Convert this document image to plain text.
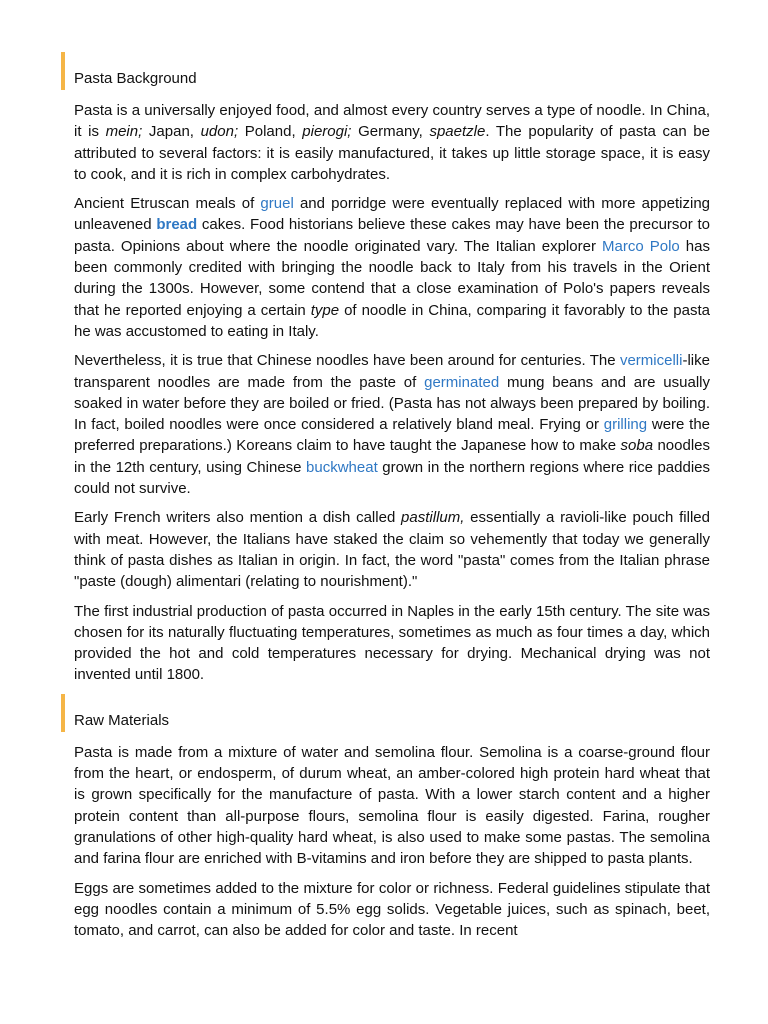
Pasta Background

Pasta is a universally enjoyed food, and almost every country serves a type of noodle. In China, it is mein; Japan, udon; Poland, pierogi; Germany, spaetzle. The popularity of pasta can be attributed to several factors: it is easily manufactured, it takes up little storage space, it is easy to cook, and it is rich in complex carbohydrates.

Ancient Etruscan meals of gruel and porridge were eventually replaced with more appetizing unleavened bread cakes. Food historians believe these cakes may have been the precursor to pasta. Opinions about where the noodle originated vary. The Italian explorer Marco Polo has been commonly credited with bringing the noodle back to Italy from his travels in the Orient during the 1300s. However, some contend that a close examination of Polo's papers reveals that he reported enjoying a certain type of noodle in China, comparing it favorably to the pasta he was accustomed to eating in Italy.

Nevertheless, it is true that Chinese noodles have been around for centuries. The vermicelli-like transparent noodles are made from the paste of germinated mung beans and are usually soaked in water before they are boiled or fried. (Pasta has not always been prepared by boiling. In fact, boiled noodles were once considered a relatively bland meal. Frying or grilling were the preferred preparations.) Koreans claim to have taught the Japanese how to make soba noodles in the 12th century, using Chinese buckwheat grown in the northern regions where rice paddies could not survive.

Early French writers also mention a dish called pastillum, essentially a ravioli-like pouch filled with meat. However, the Italians have staked the claim so vehemently that today we generally think of pasta dishes as Italian in origin. In fact, the word "pasta" comes from the Italian phrase "paste (dough) alimentari (relating to nourishment)."

The first industrial production of pasta occurred in Naples in the early 15th century. The site was chosen for its naturally fluctuating temperatures, sometimes as much as four times a day, which provided the hot and cold temperatures necessary for drying. Mechanical drying was not invented until 1800.

Raw Materials

Pasta is made from a mixture of water and semolina flour. Semolina is a coarse-ground flour from the heart, or endosperm, of durum wheat, an amber-colored high protein hard wheat that is grown specifically for the manufacture of pasta. With a lower starch content and a higher protein content than all-purpose flours, semolina flour is easily digested. Farina, rougher granulations of other high-quality hard wheat, is also used to make some pastas. The semolina and farina flour are enriched with B-vitamins and iron before they are shipped to pasta plants.

Eggs are sometimes added to the mixture for color or richness. Federal guidelines stipulate that egg noodles contain a minimum of 5.5% egg solids. Vegetable juices, such as spinach, beet, tomato, and carrot, can also be added for color and taste. In recent
